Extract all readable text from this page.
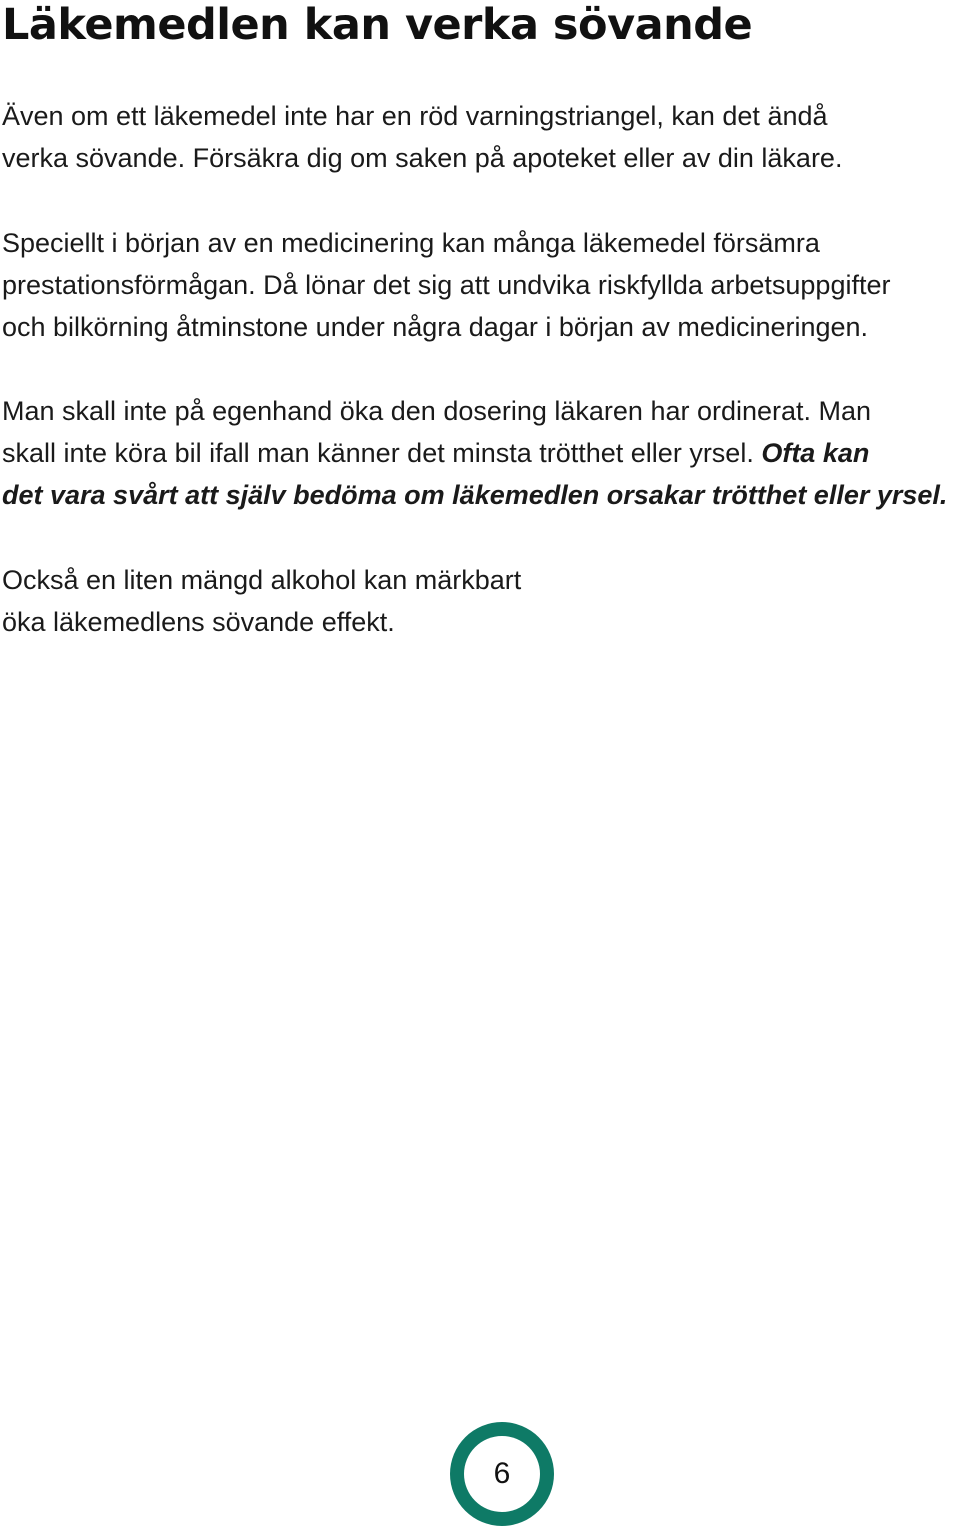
Läkemedlen kan verka sövande

Även om ett läkemedel inte har en röd varningstriangel, kan det ändå
verka sövande. Försäkra dig om saken på apoteket eller av din läkare.

Speciellt i början av en medicinering kan många läkemedel försämra
prestationsförmågan. Då lönar det sig att undvika riskfyllda arbetsuppgifter
och bilkörning åtminstone under några dagar i början av medicineringen.

Man skall inte på egenhand öka den dosering läkaren har ordinerat. Man
skall inte köra bil ifall man känner det minsta trötthet eller yrsel. Ofta kan
det vara svårt att själv bedöma om läkemedlen orsakar trötthet eller yrsel.

Också en liten mängd alkohol kan märkbart
öka läkemedlens sövande effekt.

6
